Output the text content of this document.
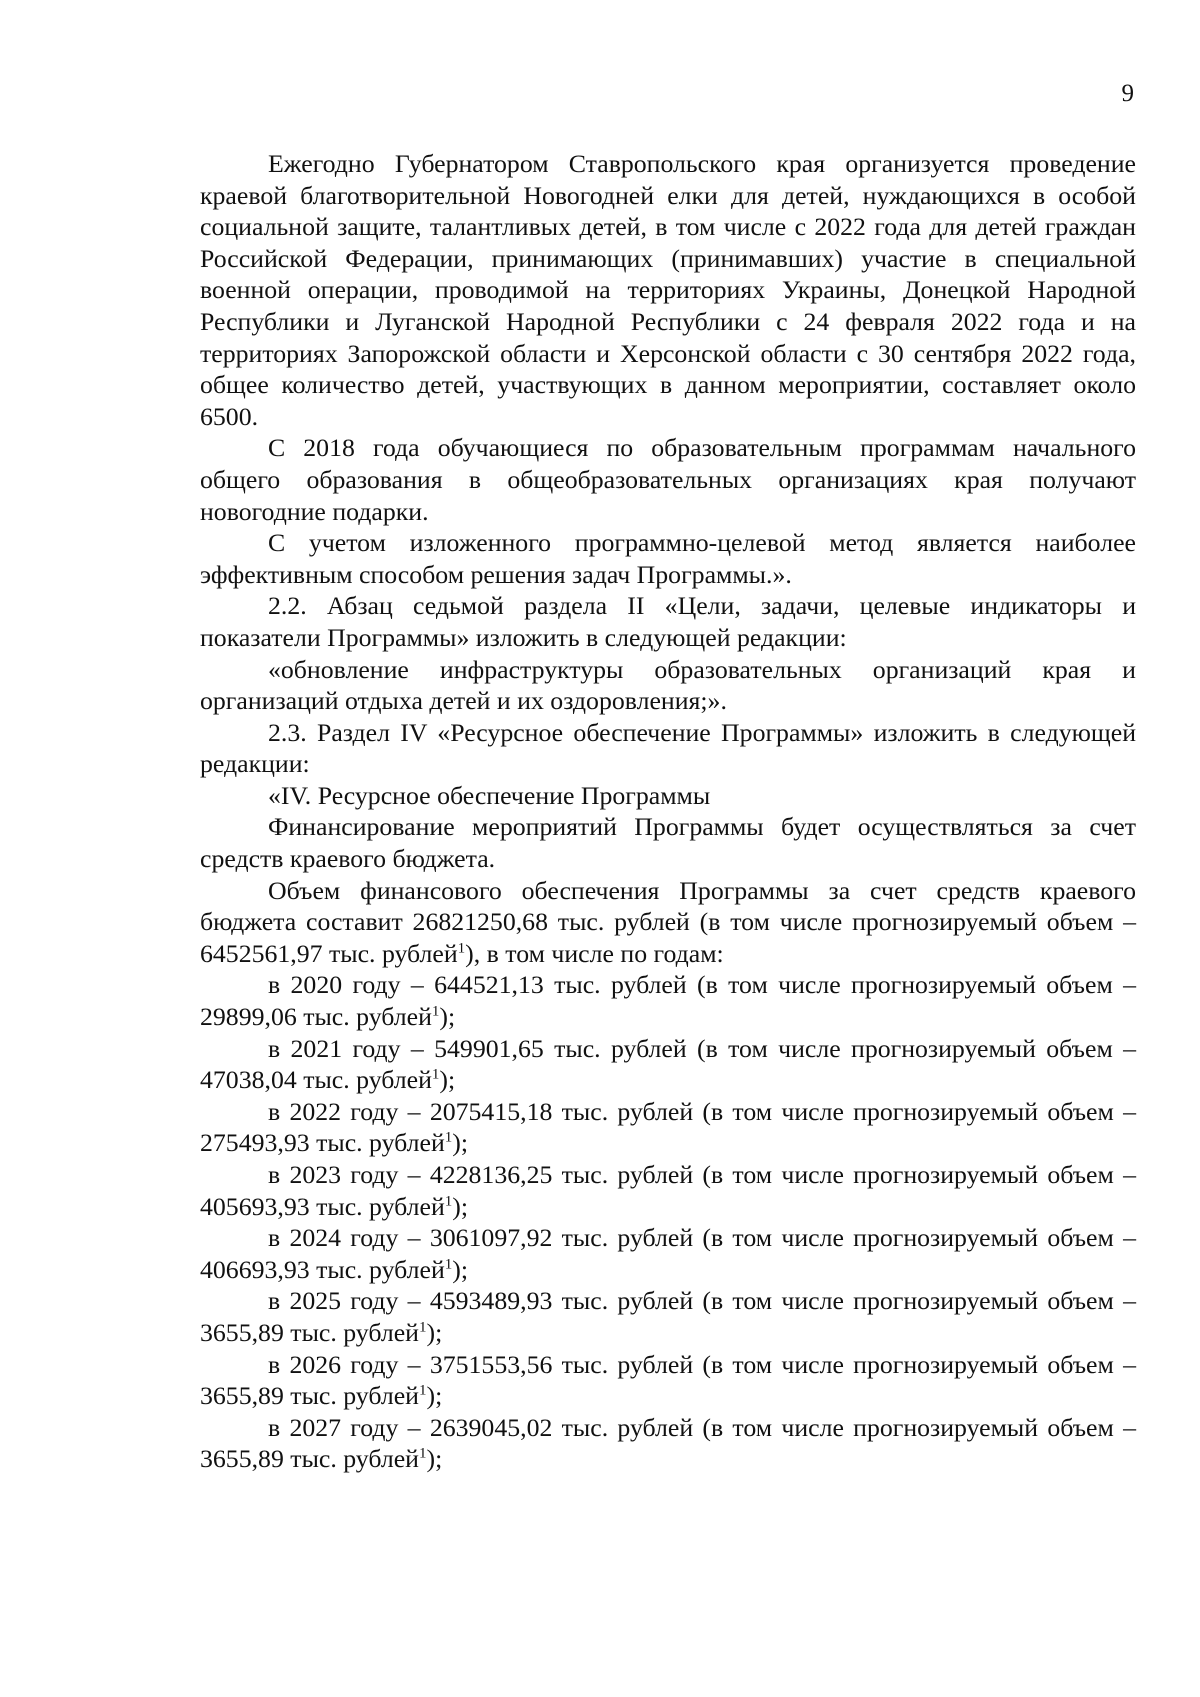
9

Ежегодно Губернатором Ставропольского края организуется проведение краевой благотворительной Новогодней елки для детей, нуждающихся в особой социальной защите, талантливых детей, в том числе с 2022 года для детей граждан Российской Федерации, принимающих (принимавших) участие в специальной военной операции, проводимой на территориях Украины, Донецкой Народной Республики и Луганской Народной Республики с 24 февраля 2022 года и на территориях Запорожской области и Херсонской области с 30 сентября 2022 года, общее количество детей, участвующих в данном мероприятии, составляет около 6500.

С 2018 года обучающиеся по образовательным программам начального общего образования в общеобразовательных организациях края получают новогодние подарки.

С учетом изложенного программно-целевой метод является наиболее эффективным способом решения задач Программы.».

2.2. Абзац седьмой раздела II «Цели, задачи, целевые индикаторы и показатели Программы» изложить в следующей редакции:

«обновление инфраструктуры образовательных организаций края и организаций отдыха детей и их оздоровления;».

2.3. Раздел IV «Ресурсное обеспечение Программы» изложить в следующей редакции:

«IV. Ресурсное обеспечение Программы

Финансирование мероприятий Программы будет осуществляться за счет средств краевого бюджета.

Объем финансового обеспечения Программы за счет средств краевого бюджета составит 26821250,68 тыс. рублей (в том числе прогнозируемый объем – 6452561,97 тыс. рублей$^1$), в том числе по годам:

в 2020 году – 644521,13 тыс. рублей (в том числе прогнозируемый объем – 29899,06 тыс. рублей$^1$);

в 2021 году – 549901,65 тыс. рублей (в том числе прогнозируемый объем – 47038,04 тыс. рублей$^1$);

в 2022 году – 2075415,18 тыс. рублей (в том числе прогнозируемый объем – 275493,93 тыс. рублей$^1$);

в 2023 году – 4228136,25 тыс. рублей (в том числе прогнозируемый объем – 405693,93 тыс. рублей$^1$);

в 2024 году – 3061097,92 тыс. рублей (в том числе прогнозируемый объем – 406693,93 тыс. рублей$^1$);

в 2025 году – 4593489,93 тыс. рублей (в том числе прогнозируемый объем – 3655,89 тыс. рублей$^1$);

в 2026 году – 3751553,56 тыс. рублей (в том числе прогнозируемый объем – 3655,89 тыс. рублей$^1$);

в 2027 году – 2639045,02 тыс. рублей (в том числе прогнозируемый объем – 3655,89 тыс. рублей$^1$);
